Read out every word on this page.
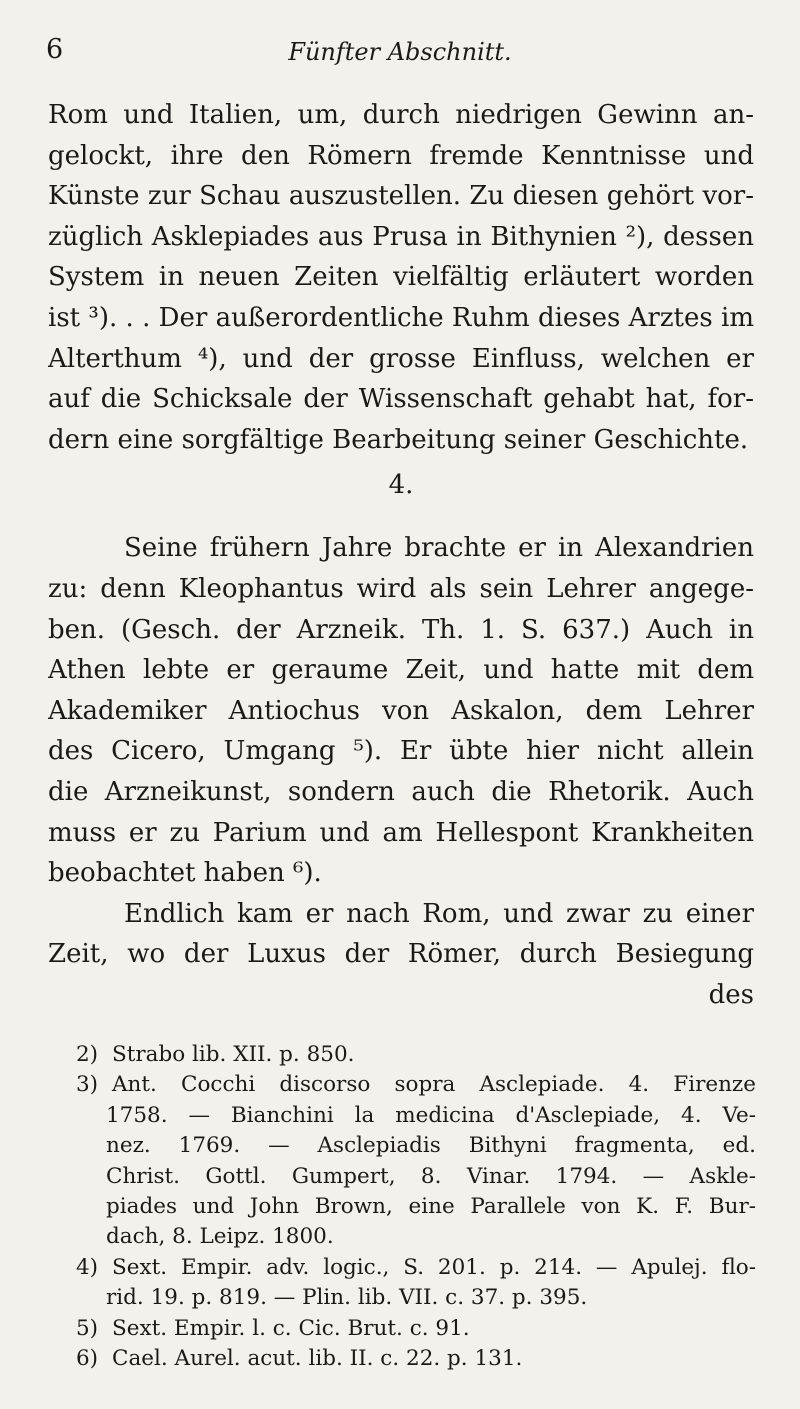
6	Fünfter Abschnitt.
Rom und Italien, um, durch niedrigen Gewinn an-
gelockt, ihre den Römern fremde Kenntnisse und
Künste zur Schau auszustellen. Zu diesen gehört vor-
züglich Asklepiades aus Prusa in Bithynien ²), dessen
System in neuen Zeiten vielfältig erläutert worden
ist ³). . . Der außerordentliche Ruhm dieses Arztes im
Alterthum ⁴), und der grosse Einfluss, welchen er
auf die Schicksale der Wissenschaft gehabt hat, for-
dern eine sorgfältige Bearbeitung seiner Geschichte.
4.
Seine frühern Jahre brachte er in Alexandrien
zu: denn Kleophantus wird als sein Lehrer angege-
ben. (Gesch. der Arzneik. Th. 1. S. 637.) Auch in
Athen lebte er geraume Zeit, und hatte mit dem
Akademiker Antiochus von Askalon, dem Lehrer
des Cicero, Umgang ⁵). Er übte hier nicht allein
die Arzneikunst, sondern auch die Rhetorik. Auch
muss er zu Parium und am Hellespont Krankheiten
beobachtet haben ⁶).
Endlich kam er nach Rom, und zwar zu einer
Zeit, wo der Luxus der Römer, durch Besiegung
des
2) Strabo lib. XII. p. 850.
3) Ant. Cocchi discorso sopra Asclepiade. 4. Firenze
1758. — Bianchini la medicina d'Asclepiade, 4. Ve-
nez. 1769. — Asclepiadis Bithyni fragmenta, ed.
Christ. Gottl. Gumpert, 8. Vinar. 1794. — Askle-
piades und John Brown, eine Parallele von K. F. Bur-
dach, 8. Leipz. 1800.
4) Sext. Empir. adv. logic., S. 201. p. 214. — Apulej. flo-
rid. 19. p. 819. — Plin. lib. VII. c. 37. p. 395.
5) Sext. Empir. l. c. Cic. Brut. c. 91.
6) Cael. Aurel. acut. lib. II. c. 22. p. 131.
